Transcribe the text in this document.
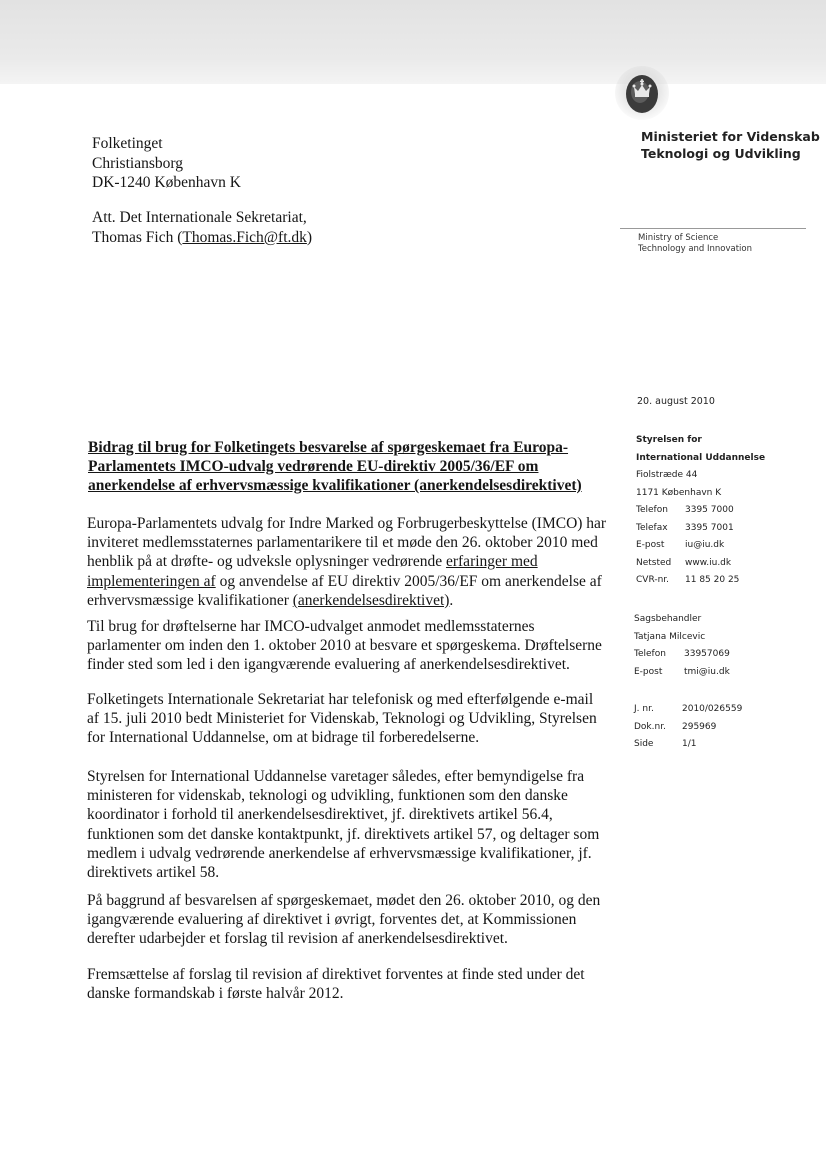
Folketinget
Christiansborg
DK-1240 København K
Att. Det Internationale Sekretariat,
Thomas Fich (Thomas.Fich@ft.dk)
Ministeriet for Videnskab
Teknologi og Udvikling
Ministry of Science
Technology and Innovation
20. august 2010
Styrelsen for
International Uddannelse
Fiolstræde 44
1171 København K
Telefon	3395 7000
Telefax	3395 7001
E-post	iu@iu.dk
Netsted	www.iu.dk
CVR-nr.	11 85 20 25
Sagsbehandler
Tatjana Milcevic
Telefon	33957069
E-post	tmi@iu.dk
J. nr.	2010/026559
Dok.nr.	295969
Side	1/1
Bidrag til brug for Folketingets besvarelse af spørgeskemaet fra Europa-Parlamentets IMCO-udvalg vedrørende EU-direktiv 2005/36/EF om anerkendelse af erhvervsmæssige kvalifikationer (anerkendelsesdirektivet)
Europa-Parlamentets udvalg for Indre Marked og Forbrugerbeskyttelse (IMCO) har inviteret medlemsstaternes parlamentarikere til et møde den 26. oktober 2010 med henblik på at drøfte- og udveksle oplysninger vedrørende erfaringer med implementeringen af og anvendelse af EU direktiv 2005/36/EF om anerkendelse af erhvervsmæssige kvalifikationer (anerkendelsesdirektivet).
Til brug for drøftelserne har IMCO-udvalget anmodet medlemsstaternes parlamenter om inden den 1. oktober 2010 at besvare et spørgeskema. Drøftelserne finder sted som led i den igangværende evaluering af anerkendelsesdirektivet.
Folketingets Internationale Sekretariat har telefonisk og med efterfølgende e-mail af 15. juli 2010 bedt Ministeriet for Videnskab, Teknologi og Udvikling, Styrelsen for International Uddannelse, om at bidrage til forberedelserne.
Styrelsen for International Uddannelse varetager således, efter bemyndigelse fra ministeren for videnskab, teknologi og udvikling, funktionen som den danske koordinator i forhold til anerkendelsesdirektivet, jf. direktivets artikel 56.4, funktionen som det danske kontaktpunkt, jf. direktivets artikel 57, og deltager som medlem i udvalg vedrørende anerkendelse af erhvervsmæssige kvalifikationer, jf. direktivets artikel 58.
På baggrund af besvarelsen af spørgeskemaet, mødet den 26. oktober 2010, og den igangværende evaluering af direktivet i øvrigt, forventes det, at Kommissionen derefter udarbejder et forslag til revision af anerkendelsesdirektivet.
Fremsættelse af forslag til revision af direktivet forventes at finde sted under det danske formandskab i første halvår 2012.
